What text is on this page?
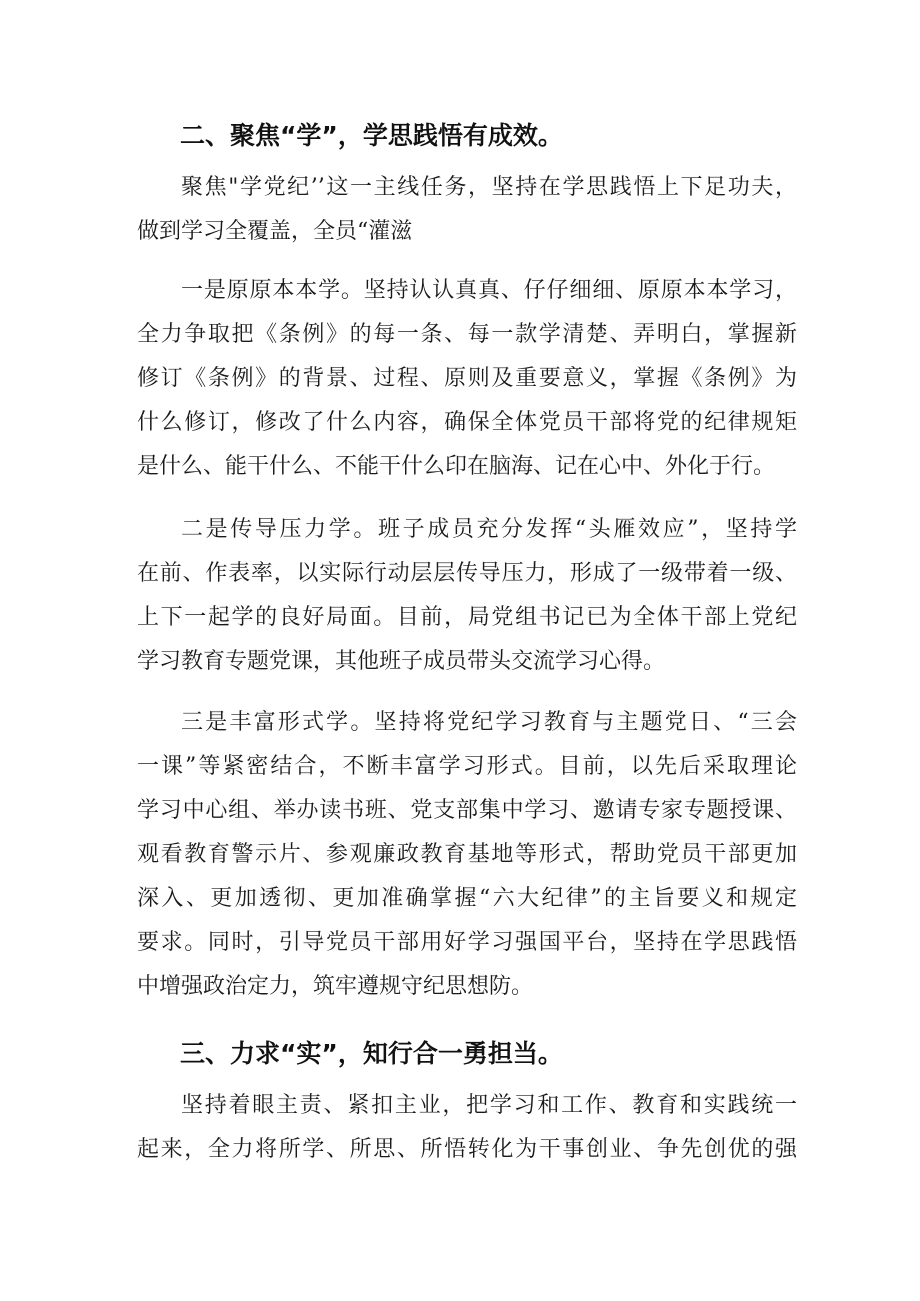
二、聚焦“学”，学思践悟有成效。
聚焦"学党纪’’这一主线任务，坚持在学思践悟上下足功夫，
做到学习全覆盖，全员“灌滋
一是原原本本学。坚持认认真真、仔仔细细、原原本本学习，
全力争取把《条例》的每一条、每一款学清楚、弄明白，掌握新
修订《条例》的背景、过程、原则及重要意义，掌握《条例》为
什么修订，修改了什么内容，确保全体党员干部将党的纪律规矩
是什么、能干什么、不能干什么印在脑海、记在心中、外化于行。
二是传导压力学。班子成员充分发挥“头雁效应”，坚持学
在前、作表率，以实际行动层层传导压力，形成了一级带着一级、
上下一起学的良好局面。目前，局党组书记已为全体干部上党纪
学习教育专题党课，其他班子成员带头交流学习心得。
三是丰富形式学。坚持将党纪学习教育与主题党日、“三会
一课”等紧密结合，不断丰富学习形式。目前，以先后采取理论
学习中心组、举办读书班、党支部集中学习、邀请专家专题授课、
观看教育警示片、参观廉政教育基地等形式，帮助党员干部更加
深入、更加透彻、更加准确掌握“六大纪律”的主旨要义和规定
要求。同时，引导党员干部用好学习强国平台，坚持在学思践悟
中增强政治定力，筑牢遵规守纪思想防。
三、力求“实”，知行合一勇担当。
坚持着眼主责、紧扣主业，把学习和工作、教育和实践统一
起来，全力将所学、所思、所悟转化为干事创业、争先创优的强
